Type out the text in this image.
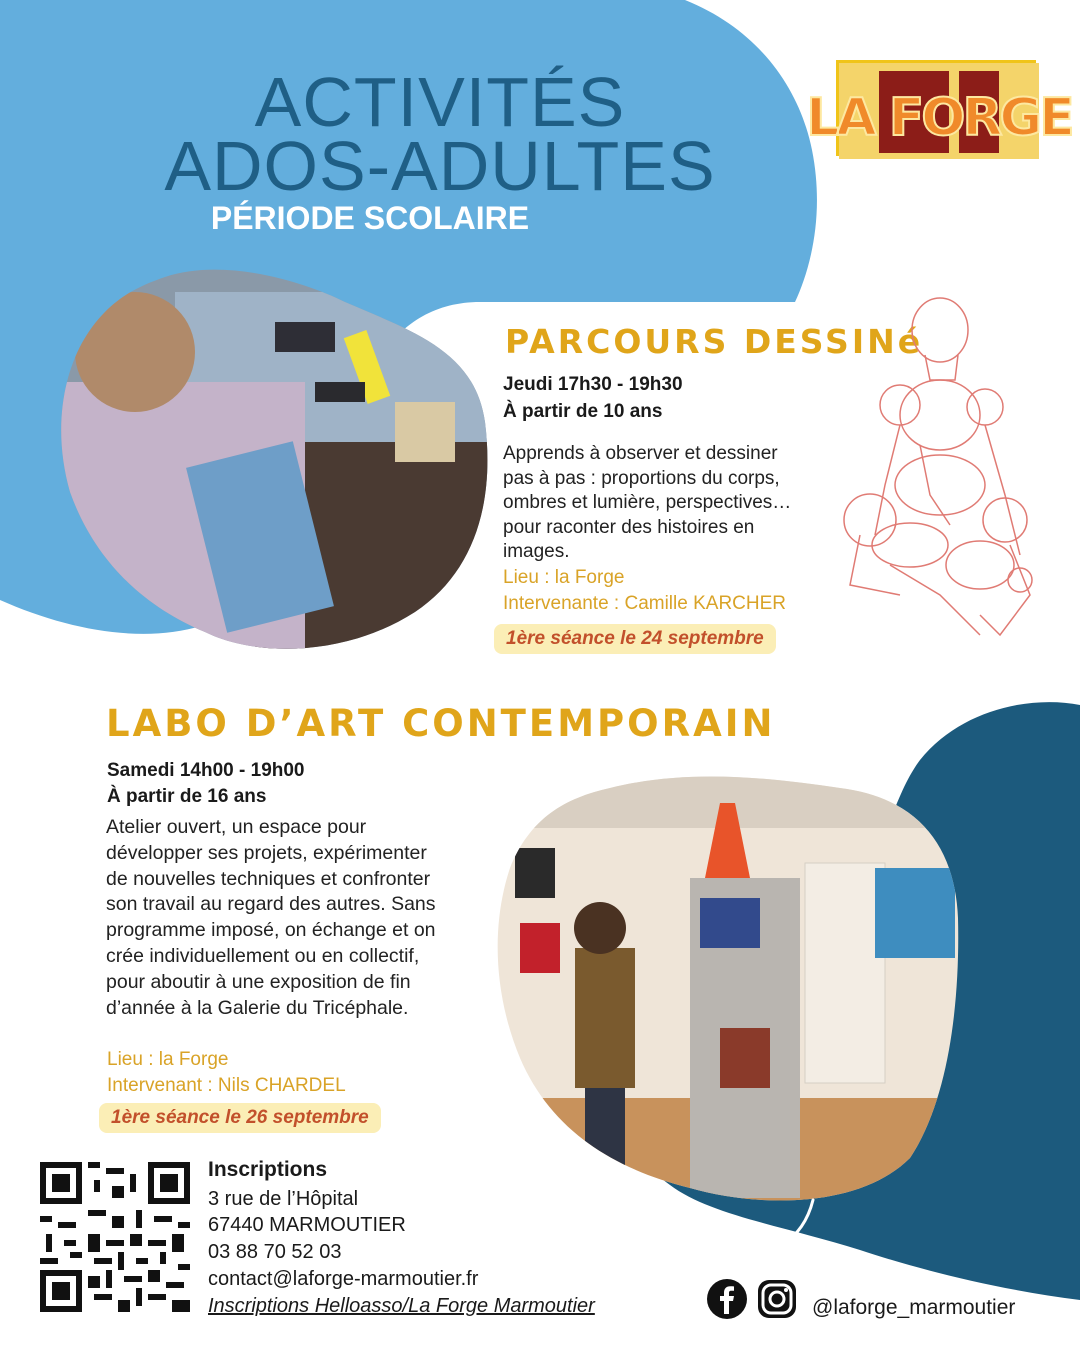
ACTIVITÉS
ADOS-ADULTES
PÉRIODE SCOLAIRE
LA FORGE
PARCOURS DESSINé
Jeudi 17h30 - 19h30
À partir de 10 ans
Apprends à observer et dessiner
pas à pas : proportions du corps,
ombres et lumière, perspectives…
pour raconter des histoires en
images.
Lieu : la Forge
Intervenante : Camille KARCHER
1ère séance le 24 septembre
LABO D’ART CONTEMPORAIN
Samedi 14h00 - 19h00
À partir de 16 ans
Atelier ouvert, un espace pour
développer ses projets, expérimenter
de nouvelles techniques et confronter
son travail au regard des autres. Sans
programme imposé, on échange et on
crée individuellement ou en collectif,
pour aboutir à une exposition de fin
d’année à la Galerie du Tricéphale.
Lieu : la Forge
Intervenant : Nils CHARDEL
1ère séance le 26 septembre
Inscriptions
3 rue de l’Hôpital
67440 MARMOUTIER
03 88 70 52 03
contact@laforge-marmoutier.fr
Inscriptions Helloasso/La Forge Marmoutier	@laforge_marmoutier
